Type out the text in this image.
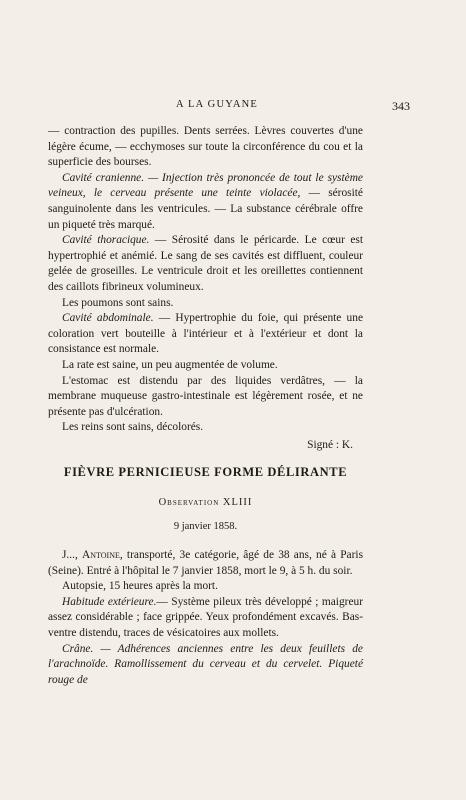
A LA GUYANE	343

— contraction des pupilles. Dents serrées. Lèvres couvertes d'une légère écume, — ecchymoses sur toute la circonférence du cou et la superficie des bourses.

Cavité cranienne. — Injection très prononcée de tout le système veineux, le cerveau présente une teinte violacée, — sérosité sanguinolente dans les ventricules. — La substance cérébrale offre un piqueté très marqué.

Cavité thoracique. — Sérosité dans le péricarde. Le cœur est hypertrophié et anémié. Le sang de ses cavités est diffluent, couleur gelée de groseilles. Le ventricule droit et les oreillettes contiennent des caillots fibrineux volumineux.

Les poumons sont sains.

Cavité abdominale. — Hypertrophie du foie, qui présente une coloration vert bouteille à l'intérieur et à l'extérieur et dont la consistance est normale.

La rate est saine, un peu augmentée de volume.

L'estomac est distendu par des liquides verdâtres, — la membrane muqueuse gastro-intestinale est légèrement rosée, et ne présente pas d'ulcération.

Les reins sont sains, décolorés.

Signé : K.

FIÈVRE PERNICIEUSE FORME DÉLIRANTE
Observation XLIII
9 janvier 1858.

J..., Antoine, transporté, 3e catégorie, âgé de 38 ans, né à Paris (Seine). Entré à l'hôpital le 7 janvier 1858, mort le 9, à 5 h. du soir.

Autopsie, 15 heures après la mort.

Habitude extérieure.— Système pileux très développé ; maigreur assez considérable ; face grippée. Yeux profondément excavés. Bas-ventre distendu, traces de vésicatoires aux mollets.

Crâne. — Adhérences anciennes entre les deux feuillets de l'arachnoïde. Ramollissement du cerveau et du cervelet. Piqueté rouge de
